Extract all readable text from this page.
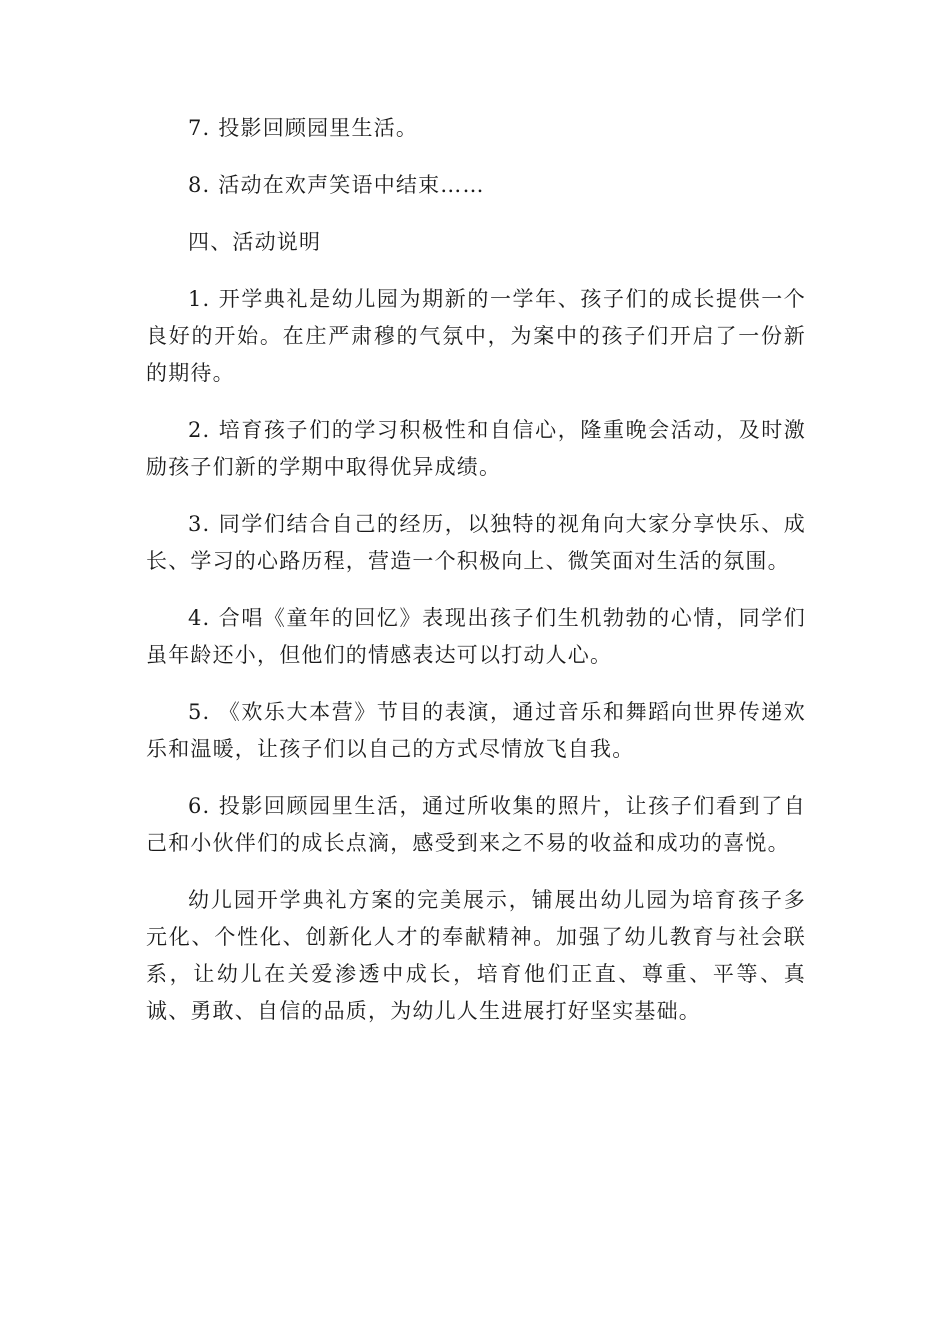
7. 投影回顾园里生活。

8. 活动在欢声笑语中结束……

四、活动说明

1. 开学典礼是幼儿园为期新的一学年、孩子们的成长提供一个良好的开始。在庄严肃穆的气氛中，为案中的孩子们开启了一份新的期待。

2. 培育孩子们的学习积极性和自信心，隆重晚会活动，及时激励孩子们新的学期中取得优异成绩。

3. 同学们结合自己的经历，以独特的视角向大家分享快乐、成长、学习的心路历程，营造一个积极向上、微笑面对生活的氛围。

4. 合唱《童年的回忆》表现出孩子们生机勃勃的心情，同学们虽年龄还小，但他们的情感表达可以打动人心。

5. 《欢乐大本营》节目的表演，通过音乐和舞蹈向世界传递欢乐和温暖，让孩子们以自己的方式尽情放飞自我。

6. 投影回顾园里生活，通过所收集的照片，让孩子们看到了自己和小伙伴们的成长点滴，感受到来之不易的收益和成功的喜悦。

幼儿园开学典礼方案的完美展示，铺展出幼儿园为培育孩子多元化、个性化、创新化人才的奉献精神。加强了幼儿教育与社会联系，让幼儿在关爱渗透中成长，培育他们正直、尊重、平等、真诚、勇敢、自信的品质，为幼儿人生进展打好坚实基础。
